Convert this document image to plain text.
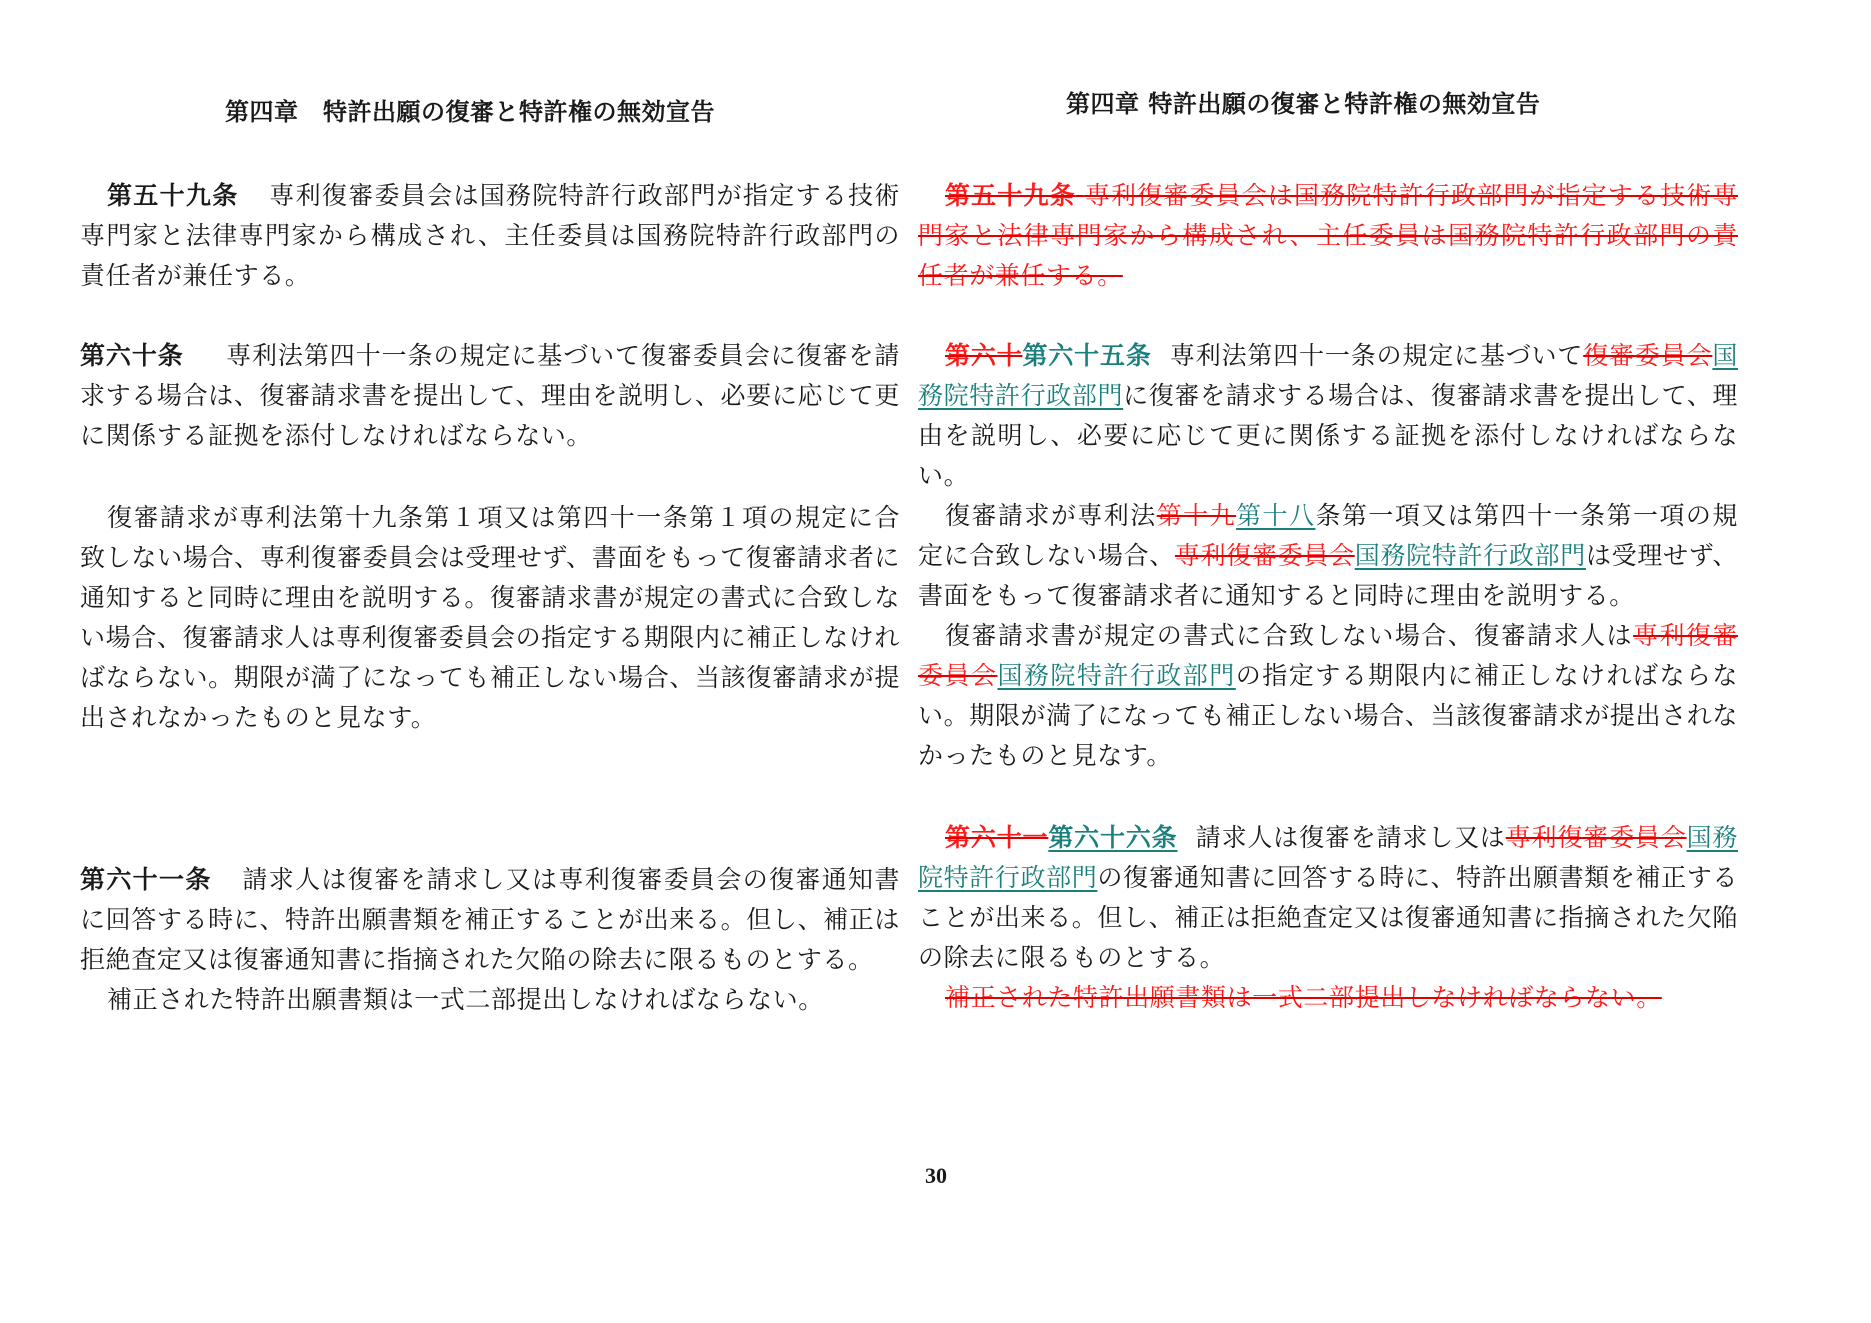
第四章　特許出願の復審と特許権の無効宣告

第五十九条 専利復審委員会は国務院特許行政部門が指定する技術専門家と法律専門家から構成され、主任委員は国務院特許行政部門の責任者が兼任する。

第六十条 専利法第四十一条の規定に基づいて復審委員会に復審を請求する場合は、復審請求書を提出して、理由を説明し、必要に応じて更に関係する証拠を添付しなければならない。

復審請求が専利法第十九条第１項又は第四十一条第１項の規定に合致しない場合、専利復審委員会は受理せず、書面をもって復審請求者に通知すると同時に理由を説明する。復審請求書が規定の書式に合致しない場合、復審請求人は専利復審委員会の指定する期限内に補正しなければならない。期限が満了になっても補正しない場合、当該復審請求が提出されなかったものと見なす。

第六十一条 請求人は復審を請求し又は専利復審委員会の復審通知書に回答する時に、特許出願書類を補正することが出来る。但し、補正は拒絶査定又は復審通知書に指摘された欠陥の除去に限るものとする。

補正された特許出願書類は一式二部提出しなければならない。

第四章 特許出願の復審と特許権の無効宣告

第五十九条 専利復審委員会は国務院特許行政部門が指定する技術専門家と法律専門家から構成され、主任委員は国務院特許行政部門の責任者が兼任する。

第六十第六十五条 専利法第四十一条の規定に基づいて復審委員会国務院特許行政部門に復審を請求する場合は、復審請求書を提出して、理由を説明し、必要に応じて更に関係する証拠を添付しなければならない。

復審請求が専利法第十九第十八条第一項又は第四十一条第一項の規定に合致しない場合、専利復審委員会国務院特許行政部門は受理せず、書面をもって復審請求者に通知すると同時に理由を説明する。

復審請求書が規定の書式に合致しない場合、復審請求人は専利復審委員会国務院特許行政部門の指定する期限内に補正しなければならない。期限が満了になっても補正しない場合、当該復審請求が提出されなかったものと見なす。

第六十一第六十六条 請求人は復審を請求し又は専利復審委員会国務院特許行政部門の復審通知書に回答する時に、特許出願書類を補正することが出来る。但し、補正は拒絶査定又は復審通知書に指摘された欠陥の除去に限るものとする。

補正された特許出願書類は一式二部提出しなければならない。

30
